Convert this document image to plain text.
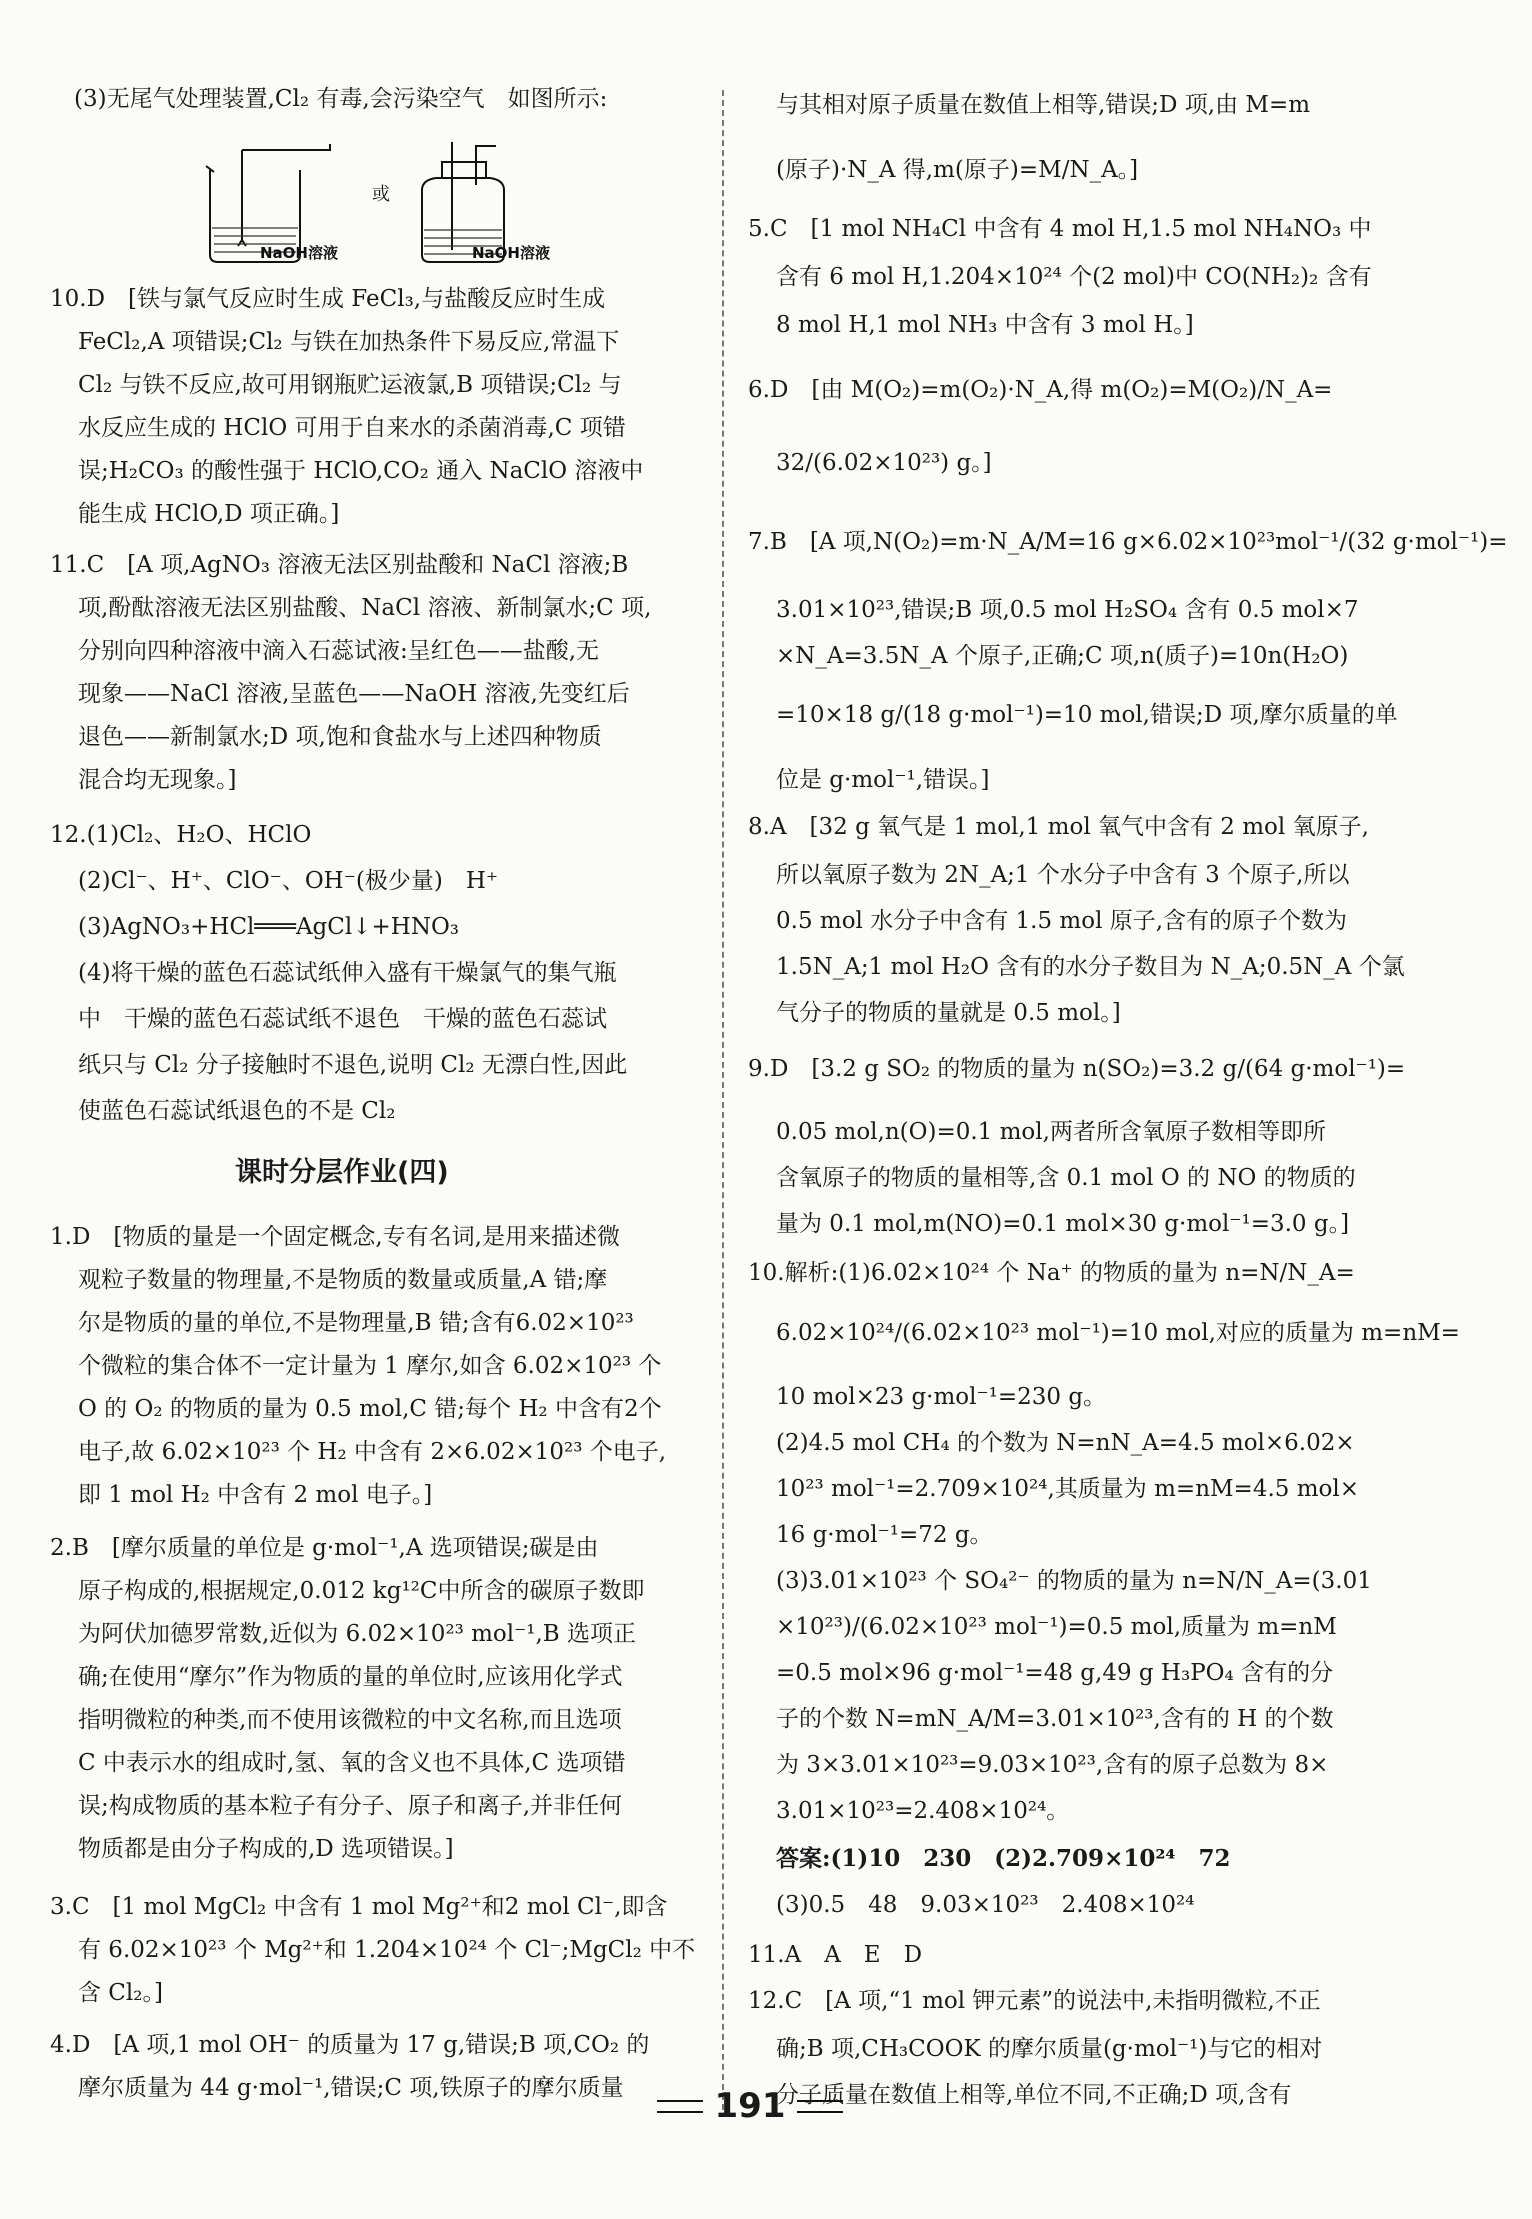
(3)无尾气处理装置,Cl₂ 有毒,会污染空气　如图所示:
或
NaOH溶液	NaOH溶液
10.D　[铁与氯气反应时生成 FeCl₃,与盐酸反应时生成
FeCl₂,A 项错误;Cl₂ 与铁在加热条件下易反应,常温下
Cl₂ 与铁不反应,故可用钢瓶贮运液氯,B 项错误;Cl₂ 与
水反应生成的 HClO 可用于自来水的杀菌消毒,C 项错
误;H₂CO₃ 的酸性强于 HClO,CO₂ 通入 NaClO 溶液中
能生成 HClO,D 项正确。]
11.C　[A 项,AgNO₃ 溶液无法区别盐酸和 NaCl 溶液;B
项,酚酞溶液无法区别盐酸、NaCl 溶液、新制氯水;C 项,
分别向四种溶液中滴入石蕊试液:呈红色——盐酸,无
现象——NaCl 溶液,呈蓝色——NaOH 溶液,先变红后
退色——新制氯水;D 项,饱和食盐水与上述四种物质
混合均无现象。]
12.(1)Cl₂、H₂O、HClO
(2)Cl⁻、H⁺、ClO⁻、OH⁻(极少量)　H⁺
(3)AgNO₃+HCl═══AgCl↓+HNO₃
(4)将干燥的蓝色石蕊试纸伸入盛有干燥氯气的集气瓶
中　干燥的蓝色石蕊试纸不退色　干燥的蓝色石蕊试
纸只与 Cl₂ 分子接触时不退色,说明 Cl₂ 无漂白性,因此
使蓝色石蕊试纸退色的不是 Cl₂
课时分层作业(四)
1.D　[物质的量是一个固定概念,专有名词,是用来描述微
观粒子数量的物理量,不是物质的数量或质量,A 错;摩
尔是物质的量的单位,不是物理量,B 错;含有6.02×10²³
个微粒的集合体不一定计量为 1 摩尔,如含 6.02×10²³ 个
O 的 O₂ 的物质的量为 0.5 mol,C 错;每个 H₂ 中含有2个
电子,故 6.02×10²³ 个 H₂ 中含有 2×6.02×10²³ 个电子,
即 1 mol H₂ 中含有 2 mol 电子。]
2.B　[摩尔质量的单位是 g·mol⁻¹,A 选项错误;碳是由
原子构成的,根据规定,0.012 kg¹²C中所含的碳原子数即
为阿伏加德罗常数,近似为 6.02×10²³ mol⁻¹,B 选项正
确;在使用“摩尔”作为物质的量的单位时,应该用化学式
指明微粒的种类,而不使用该微粒的中文名称,而且选项
C 中表示水的组成时,氢、氧的含义也不具体,C 选项错
误;构成物质的基本粒子有分子、原子和离子,并非任何
物质都是由分子构成的,D 选项错误。]
3.C　[1 mol MgCl₂ 中含有 1 mol Mg²⁺和2 mol Cl⁻,即含
有 6.02×10²³ 个 Mg²⁺和 1.204×10²⁴ 个 Cl⁻;MgCl₂ 中不
含 Cl₂。]
4.D　[A 项,1 mol OH⁻ 的质量为 17 g,错误;B 项,CO₂ 的
摩尔质量为 44 g·mol⁻¹,错误;C 项,铁原子的摩尔质量
与其相对原子质量在数值上相等,错误;D 项,由 M=m
(原子)·N_A 得,m(原子)=M/N_A。]
5.C　[1 mol NH₄Cl 中含有 4 mol H,1.5 mol NH₄NO₃ 中
含有 6 mol H,1.204×10²⁴ 个(2 mol)中 CO(NH₂)₂ 含有
8 mol H,1 mol NH₃ 中含有 3 mol H。]
6.D　[由 M(O₂)=m(O₂)·N_A,得 m(O₂)=M(O₂)/N_A=
32/(6.02×10²³) g。]
7.B　[A 项,N(O₂)=m·N_A/M=16 g×6.02×10²³mol⁻¹/(32 g·mol⁻¹)=
3.01×10²³,错误;B 项,0.5 mol H₂SO₄ 含有 0.5 mol×7
×N_A=3.5N_A 个原子,正确;C 项,n(质子)=10n(H₂O)
=10×18 g/(18 g·mol⁻¹)=10 mol,错误;D 项,摩尔质量的单
位是 g·mol⁻¹,错误。]
8.A　[32 g 氧气是 1 mol,1 mol 氧气中含有 2 mol 氧原子,
所以氧原子数为 2N_A;1 个水分子中含有 3 个原子,所以
0.5 mol 水分子中含有 1.5 mol 原子,含有的原子个数为
1.5N_A;1 mol H₂O 含有的水分子数目为 N_A;0.5N_A 个氯
气分子的物质的量就是 0.5 mol。]
9.D　[3.2 g SO₂ 的物质的量为 n(SO₂)=3.2 g/(64 g·mol⁻¹)=
0.05 mol,n(O)=0.1 mol,两者所含氧原子数相等即所
含氧原子的物质的量相等,含 0.1 mol O 的 NO 的物质的
量为 0.1 mol,m(NO)=0.1 mol×30 g·mol⁻¹=3.0 g。]
10.解析:(1)6.02×10²⁴ 个 Na⁺ 的物质的量为 n=N/N_A=
6.02×10²⁴/(6.02×10²³ mol⁻¹)=10 mol,对应的质量为 m=nM=
10 mol×23 g·mol⁻¹=230 g。
(2)4.5 mol CH₄ 的个数为 N=nN_A=4.5 mol×6.02×
10²³ mol⁻¹=2.709×10²⁴,其质量为 m=nM=4.5 mol×
16 g·mol⁻¹=72 g。
(3)3.01×10²³ 个 SO₄²⁻ 的物质的量为 n=N/N_A=(3.01
×10²³)/(6.02×10²³ mol⁻¹)=0.5 mol,质量为 m=nM
=0.5 mol×96 g·mol⁻¹=48 g,49 g H₃PO₄ 含有的分
子的个数 N=mN_A/M=3.01×10²³,含有的 H 的个数
为 3×3.01×10²³=9.03×10²³,含有的原子总数为 8×
3.01×10²³=2.408×10²⁴。
答案:(1)10　230　(2)2.709×10²⁴　72
(3)0.5　48　9.03×10²³　2.408×10²⁴
11.A　A　E　D
12.C　[A 项,“1 mol 钾元素”的说法中,未指明微粒,不正
确;B 项,CH₃COOK 的摩尔质量(g·mol⁻¹)与它的相对
分子质量在数值上相等,单位不同,不正确;D 项,含有
191
